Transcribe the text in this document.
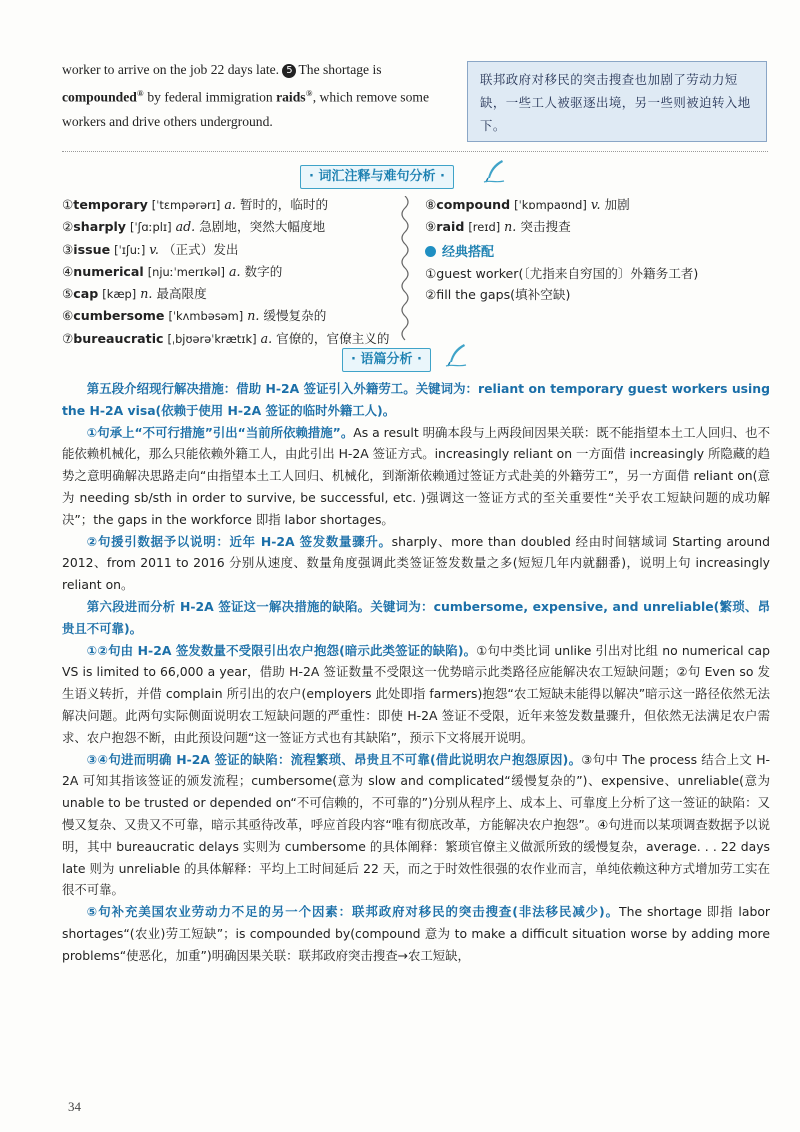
worker to arrive on the job 22 days late. 5 The shortage is
compounded⑧ by federal immigration raids⑨, which remove some workers and drive others underground.
联邦政府对移民的突击搜查也加剧了劳动力短缺，一些工人被驱逐出境，另一些则被迫转入地下。
· 词汇注释与难句分析 ·
①temporary [ˈtɛmpərərɪ] a. 暂时的，临时的
②sharply [ˈʃɑːplɪ] ad. 急剧地，突然大幅度地
③issue [ˈɪʃuː] v. （正式）发出
④numerical [njuːˈmerɪkəl] a. 数字的
⑤cap [kæp] n. 最高限度
⑥cumbersome [ˈkʌmbəsəm] n. 缓慢复杂的
⑦bureaucratic [ˌbjʊərəˈkrætɪk] a. 官僚的，官僚主义的
⑧compound [ˈkɒmpaʊnd] v. 加剧
⑨raid [reɪd] n. 突击搜查
经典搭配
①guest worker(〔尤指来自穷国的〕外籍务工者)
②fill the gaps(填补空缺)
· 语篇分析 ·

第五段介绍现行解决措施：借助 H-2A 签证引入外籍劳工。关键词为：reliant on temporary guest workers using the H-2A visa(依赖于使用 H-2A 签证的临时外籍工人)。

①句承上“不可行措施”引出“当前所依赖措施”。As a result 明确本段与上两段间因果关联：既不能指望本土工人回归、也不能依赖机械化，那么只能依赖外籍工人，由此引出 H-2A 签证方式。increasingly reliant on 一方面借 increasingly 所隐藏的趋势之意明确解决思路走向“由指望本土工人回归、机械化，到渐渐依赖通过签证方式赴美的外籍劳工”，另一方面借 reliant on(意为 needing sb/sth in order to survive, be successful, etc. )强调这一签证方式的至关重要性“关乎农工短缺问题的成功解决”；the gaps in the workforce 即指 labor shortages。

②句援引数据予以说明：近年 H-2A 签发数量骤升。sharply、more than doubled 经由时间辖域词 Starting around 2012、from 2011 to 2016 分别从速度、数量角度强调此类签证签发数量之多(短短几年内就翻番)，说明上句 increasingly reliant on。

第六段进而分析 H-2A 签证这一解决措施的缺陷。关键词为：cumbersome, expensive, and unreliable(繁琐、昂贵且不可靠)。

①②句由 H-2A 签发数量不受限引出农户抱怨(暗示此类签证的缺陷)。①句中类比词 unlike 引出对比组 no numerical cap VS is limited to 66,000 a year，借助 H-2A 签证数量不受限这一优势暗示此类路径应能解决农工短缺问题；②句 Even so 发生语义转折，并借 complain 所引出的农户(employers 此处即指 farmers)抱怨“农工短缺未能得以解决”暗示这一路径依然无法解决问题。此两句实际侧面说明农工短缺问题的严重性：即使 H-2A 签证不受限，近年来签发数量骤升，但依然无法满足农户需求、农户抱怨不断，由此预设问题“这一签证方式也有其缺陷”，预示下文将展开说明。

③④句进而明确 H-2A 签证的缺陷：流程繁琐、昂贵且不可靠(借此说明农户抱怨原因)。③句中 The process 结合上文 H-2A 可知其指该签证的颁发流程；cumbersome(意为 slow and complicated“缓慢复杂的”)、expensive、unreliable(意为 unable to be trusted or depended on“不可信赖的，不可靠的”)分别从程序上、成本上、可靠度上分析了这一签证的缺陷：又慢又复杂、又贵又不可靠，暗示其亟待改革，呼应首段内容“唯有彻底改革，方能解决农户抱怨”。④句进而以某项调查数据予以说明，其中 bureaucratic delays 实则为 cumbersome 的具体阐释：繁琐官僚主义做派所致的缓慢复杂，average. . . 22 days late 则为 unreliable 的具体解释：平均上工时间延后 22 天，而之于时效性很强的农作业而言，单纯依赖这种方式增加劳工实在很不可靠。

⑤句补充美国农业劳动力不足的另一个因素：联邦政府对移民的突击搜查(非法移民减少)。The shortage 即指 labor shortages“(农业)劳工短缺”；is compounded by(compound 意为 to make a difficult situation worse by adding more problems“使恶化，加重”)明确因果关联：联邦政府突击搜查→农工短缺，

34
